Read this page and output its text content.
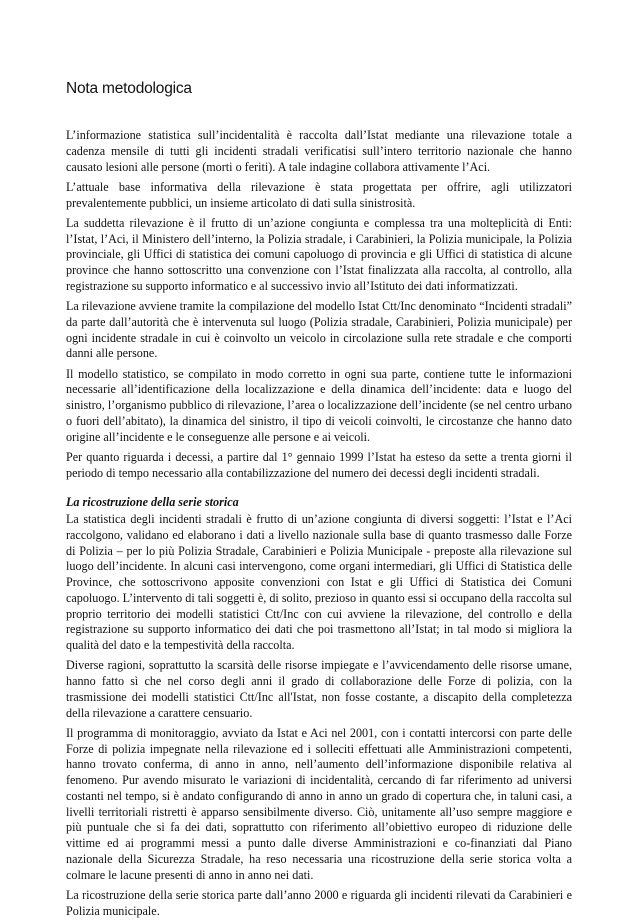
Nota metodologica

L’informazione statistica sull’incidentalità è raccolta dall’Istat mediante una rilevazione totale a cadenza mensile di tutti gli incidenti stradali verificatisi sull’intero territorio nazionale che hanno causato lesioni alle persone (morti o feriti). A tale indagine collabora attivamente l’Aci.

L’attuale base informativa della rilevazione è stata progettata per offrire, agli utilizzatori prevalentemente pubblici, un insieme articolato di dati sulla sinistrosità.

La suddetta rilevazione è il frutto di un’azione congiunta e complessa tra una molteplicità di Enti: l’Istat, l’Aci, il Ministero dell’interno, la Polizia stradale, i Carabinieri, la Polizia municipale, la Polizia provinciale, gli Uffici di statistica dei comuni capoluogo di provincia e gli Uffici di statistica di alcune province che hanno sottoscritto una convenzione con l’Istat finalizzata alla raccolta, al controllo, alla registrazione su supporto informatico e al successivo invio all’Istituto dei dati informatizzati.

La rilevazione avviene tramite la compilazione del modello Istat Ctt/Inc denominato “Incidenti stradali” da parte dall’autorità che è intervenuta sul luogo (Polizia stradale, Carabinieri, Polizia municipale) per ogni incidente stradale in cui è coinvolto un veicolo in circolazione sulla rete stradale e che comporti danni alle persone.

Il modello statistico, se compilato in modo corretto in ogni sua parte, contiene tutte le informazioni necessarie all’identificazione della localizzazione e della dinamica dell’incidente: data e luogo del sinistro, l’organismo pubblico di rilevazione, l’area o localizzazione dell’incidente (se nel centro urbano o fuori dell’abitato), la dinamica del sinistro, il tipo di veicoli coinvolti, le circostanze che hanno dato origine all’incidente e le conseguenze alle persone e ai veicoli.

Per quanto riguarda i decessi, a partire dal 1° gennaio 1999 l’Istat ha esteso da sette a trenta giorni il periodo di tempo necessario alla contabilizzazione del numero dei decessi degli incidenti stradali.

La ricostruzione della serie storica

La statistica degli incidenti stradali è frutto di un’azione congiunta di diversi soggetti: l’Istat e l’Aci raccolgono, validano ed elaborano i dati a livello nazionale sulla base di quanto trasmesso dalle Forze di Polizia – per lo più Polizia Stradale, Carabinieri e Polizia Municipale - preposte alla rilevazione sul luogo dell’incidente. In alcuni casi intervengono, come organi intermediari, gli Uffici di Statistica delle Province, che sottoscrivono apposite convenzioni con Istat e gli Uffici di Statistica dei Comuni capoluogo. L’intervento di tali soggetti è, di solito, prezioso in quanto essi si occupano della raccolta sul proprio territorio dei modelli statistici Ctt/Inc con cui avviene la rilevazione, del controllo e della registrazione su supporto informatico dei dati che poi trasmettono all’Istat; in tal modo si migliora la qualità del dato e la tempestività della raccolta.

Diverse ragioni, soprattutto la scarsità delle risorse impiegate e l’avvicendamento delle risorse umane, hanno fatto sì che nel corso degli anni il grado di collaborazione delle Forze di polizia, con la trasmissione dei modelli statistici Ctt/Inc all'Istat, non fosse costante, a discapito della completezza della rilevazione a carattere censuario.

Il programma di monitoraggio, avviato da Istat e Aci nel 2001, con i contatti intercorsi con parte delle Forze di polizia impegnate nella rilevazione ed i solleciti effettuati alle Amministrazioni competenti, hanno trovato conferma, di anno in anno, nell’aumento dell’informazione disponibile relativa al fenomeno. Pur avendo misurato le variazioni di incidentalità, cercando di far riferimento ad universi costanti nel tempo, si è andato configurando di anno in anno un grado di copertura che, in taluni casi, a livelli territoriali ristretti è apparso sensibilmente diverso. Ciò, unitamente all’uso sempre maggiore e più puntuale che si fa dei dati, soprattutto con riferimento all’obiettivo europeo di riduzione delle vittime ed ai programmi messi a punto dalle diverse Amministrazioni e co-finanziati dal Piano nazionale della Sicurezza Stradale, ha reso necessaria una ricostruzione della serie storica volta a colmare le lacune presenti di anno in anno nei dati.

La ricostruzione della serie storica parte dall’anno 2000 e riguarda gli incidenti rilevati da Carabinieri e Polizia municipale.
